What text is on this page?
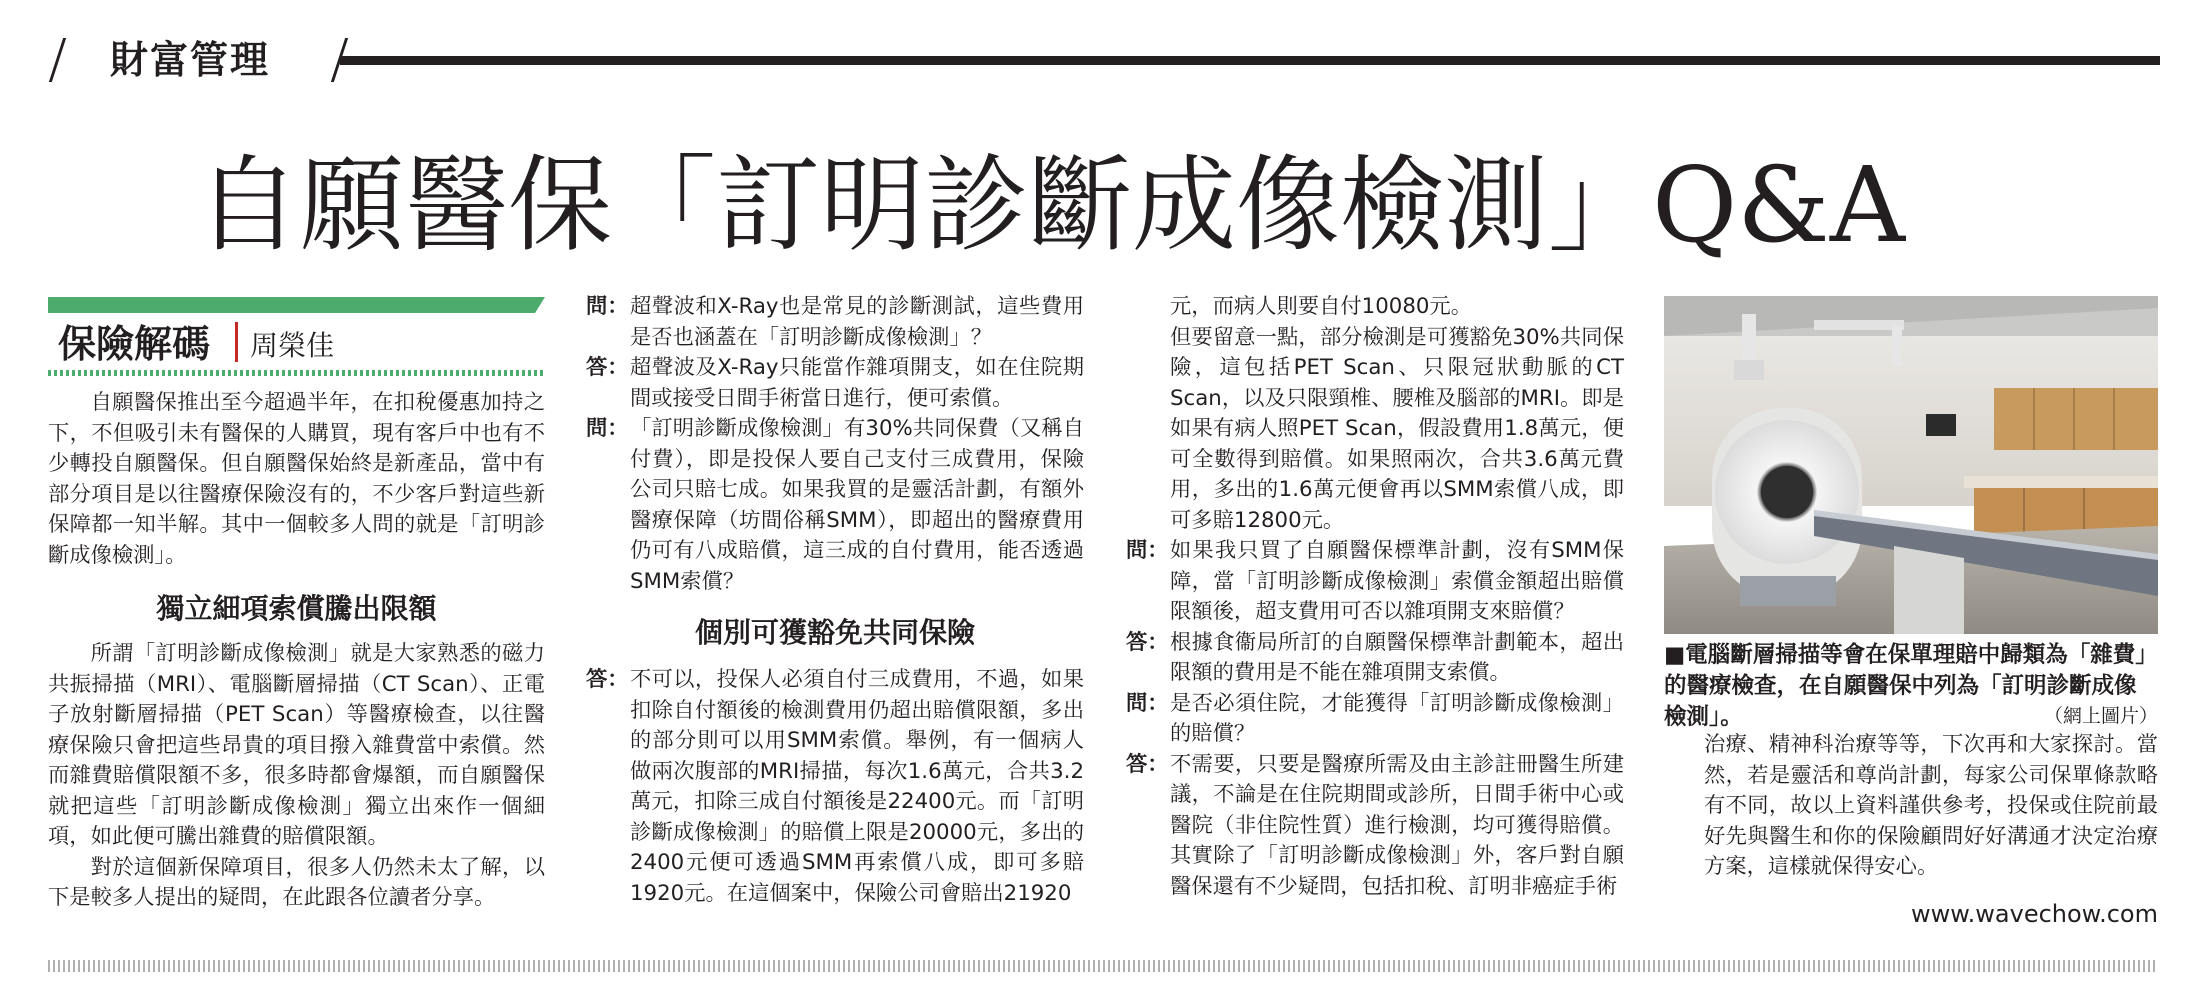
財富管理
自願醫保「訂明診斷成像檢測」Q&A
保險解碼 周榮佳

自願醫保推出至今超過半年，在扣稅優惠加持之下，不但吸引未有醫保的人購買，現有客戶中也有不少轉投自願醫保。但自願醫保始終是新產品，當中有部分項目是以往醫療保險沒有的，不少客戶對這些新保障都一知半解。其中一個較多人問的就是「訂明診斷成像檢測」。

獨立細項索償騰出限額

所謂「訂明診斷成像檢測」就是大家熟悉的磁力共振掃描（MRI）、電腦斷層掃描（CT Scan）、正電子放射斷層掃描（PET Scan）等醫療檢查，以往醫療保險只會把這些昂貴的項目撥入雜費當中索償。然而雜費賠償限額不多，很多時都會爆額，而自願醫保就把這些「訂明診斷成像檢測」獨立出來作一個細項，如此便可騰出雜費的賠償限額。

對於這個新保障項目，很多人仍然未太了解，以下是較多人提出的疑問，在此跟各位讀者分享。

問： 超聲波和X-Ray也是常見的診斷測試，這些費用是否也涵蓋在「訂明診斷成像檢測」？
答： 超聲波及X-Ray只能當作雜項開支，如在住院期間或接受日間手術當日進行，便可索償。
問： 「訂明診斷成像檢測」有30%共同保費（又稱自付費），即是投保人要自己支付三成費用，保險公司只賠七成。如果我買的是靈活計劃，有額外醫療保障（坊間俗稱SMM），即超出的醫療費用仍可有八成賠償，這三成的自付費用，能否透過SMM索償？
個別可獲豁免共同保險
答： 不可以，投保人必須自付三成費用，不過，如果扣除自付額後的檢測費用仍超出賠償限額，多出的部分則可以用SMM索償。舉例，有一個病人做兩次腹部的MRI掃描，每次1.6萬元，合共3.2萬元，扣除三成自付額後是22400元。而「訂明診斷成像檢測」的賠償上限是20000元，多出的2400元便可透過SMM再索償八成，即可多賠1920元。在這個案中，保險公司會賠出21920
元，而病人則要自付10080元。
但要留意一點，部分檢測是可獲豁免30%共同保險，這包括PET Scan、只限冠狀動脈的CT Scan，以及只限頸椎、腰椎及腦部的MRI。即是如果有病人照PET Scan，假設費用1.8萬元，便可全數得到賠償。如果照兩次，合共3.6萬元費用，多出的1.6萬元便會再以SMM索償八成，即可多賠12800元。
問： 如果我只買了自願醫保標準計劃，沒有SMM保障，當「訂明診斷成像檢測」索償金額超出賠償限額後，超支費用可否以雜項開支來賠償？
答： 根據食衞局所訂的自願醫保標準計劃範本，超出限額的費用是不能在雜項開支索償。
問： 是否必須住院，才能獲得「訂明診斷成像檢測」的賠償？
答： 不需要，只要是醫療所需及由主診註冊醫生所建議，不論是在住院期間或診所，日間手術中心或醫院（非住院性質）進行檢測，均可獲得賠償。其實除了「訂明診斷成像檢測」外，客戶對自願醫保還有不少疑問，包括扣稅、訂明非癌症手術
■電腦斷層掃描等會在保單理賠中歸類為「雜費」的醫療檢查，在自願醫保中列為「訂明診斷成像檢測」。	（網上圖片）

治療、精神科治療等等，下次再和大家探討。當然，若是靈活和尊尚計劃，每家公司保單條款略有不同，故以上資料謹供參考，投保或住院前最好先與醫生和你的保險顧問好好溝通才決定治療方案，這樣就保得安心。

www.wavechow.com
